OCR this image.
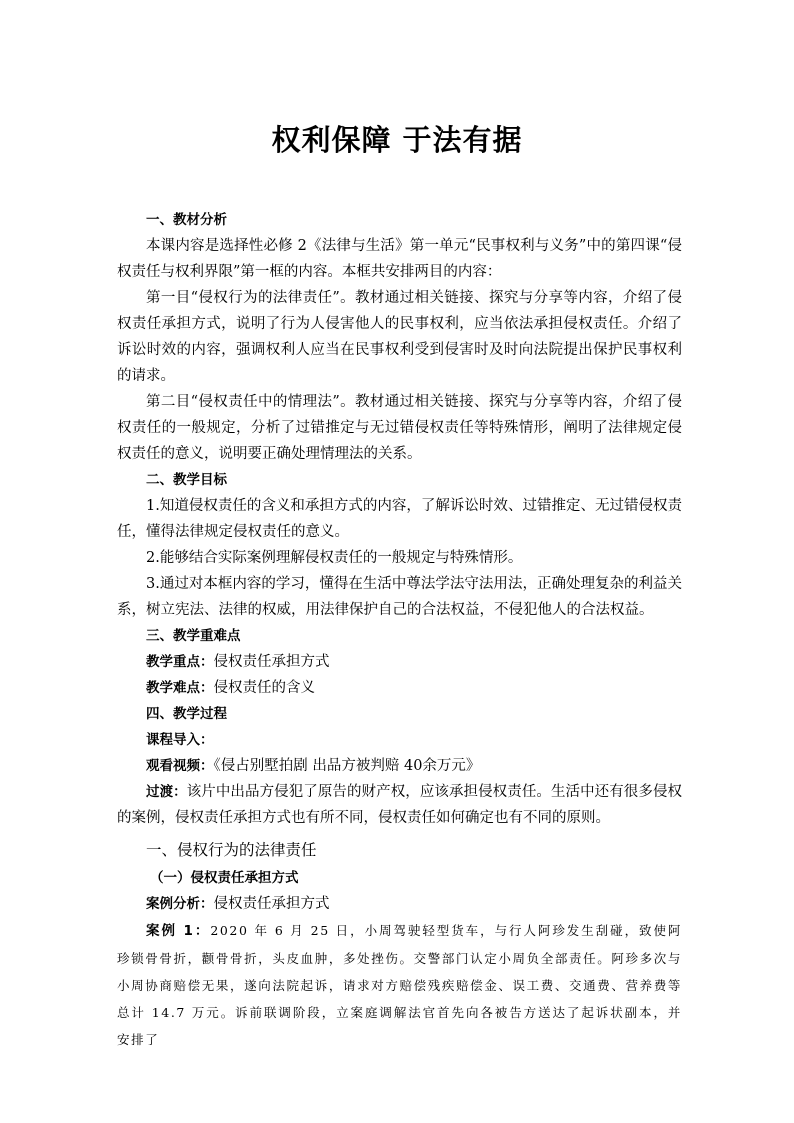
权利保障 于法有据

一、教材分析

本课内容是选择性必修 2《法律与生活》第一单元“民事权利与义务”中的第四课“侵权责任与权利界限”第一框的内容。本框共安排两目的内容：

第一目“侵权行为的法律责任”。教材通过相关链接、探究与分享等内容，介绍了侵权责任承担方式，说明了行为人侵害他人的民事权利，应当依法承担侵权责任。介绍了诉讼时效的内容，强调权利人应当在民事权利受到侵害时及时向法院提出保护民事权利的请求。

第二目“侵权责任中的情理法”。教材通过相关链接、探究与分享等内容，介绍了侵权责任的一般规定，分析了过错推定与无过错侵权责任等特殊情形，阐明了法律规定侵权责任的意义，说明要正确处理情理法的关系。

二、教学目标

1.知道侵权责任的含义和承担方式的内容，了解诉讼时效、过错推定、无过错侵权责任，懂得法律规定侵权责任的意义。

2.能够结合实际案例理解侵权责任的一般规定与特殊情形。

3.通过对本框内容的学习，懂得在生活中尊法学法守法用法，正确处理复杂的利益关系，树立宪法、法律的权威，用法律保护自己的合法权益，不侵犯他人的合法权益。

三、教学重难点

教学重点：侵权责任承担方式

教学难点：侵权责任的含义

四、教学过程

课程导入：

观看视频：《侵占别墅拍剧 出品方被判赔 40余万元》

过渡：该片中出品方侵犯了原告的财产权，应该承担侵权责任。生活中还有很多侵权的案例，侵权责任承担方式也有所不同，侵权责任如何确定也有不同的原则。

一、侵权行为的法律责任

（一）侵权责任承担方式

案例分析：侵权责任承担方式

案例 1：2020 年 6 月 25 日，小周驾驶轻型货车，与行人阿珍发生刮碰，致使阿珍锁骨骨折，颧骨骨折，头皮血肿，多处挫伤。交警部门认定小周负全部责任。阿珍多次与小周协商赔偿无果，遂向法院起诉，请求对方赔偿残疾赔偿金、误工费、交通费、营养费等总计 14.7 万元。诉前联调阶段，立案庭调解法官首先向各被告方送达了起诉状副本，并安排了
